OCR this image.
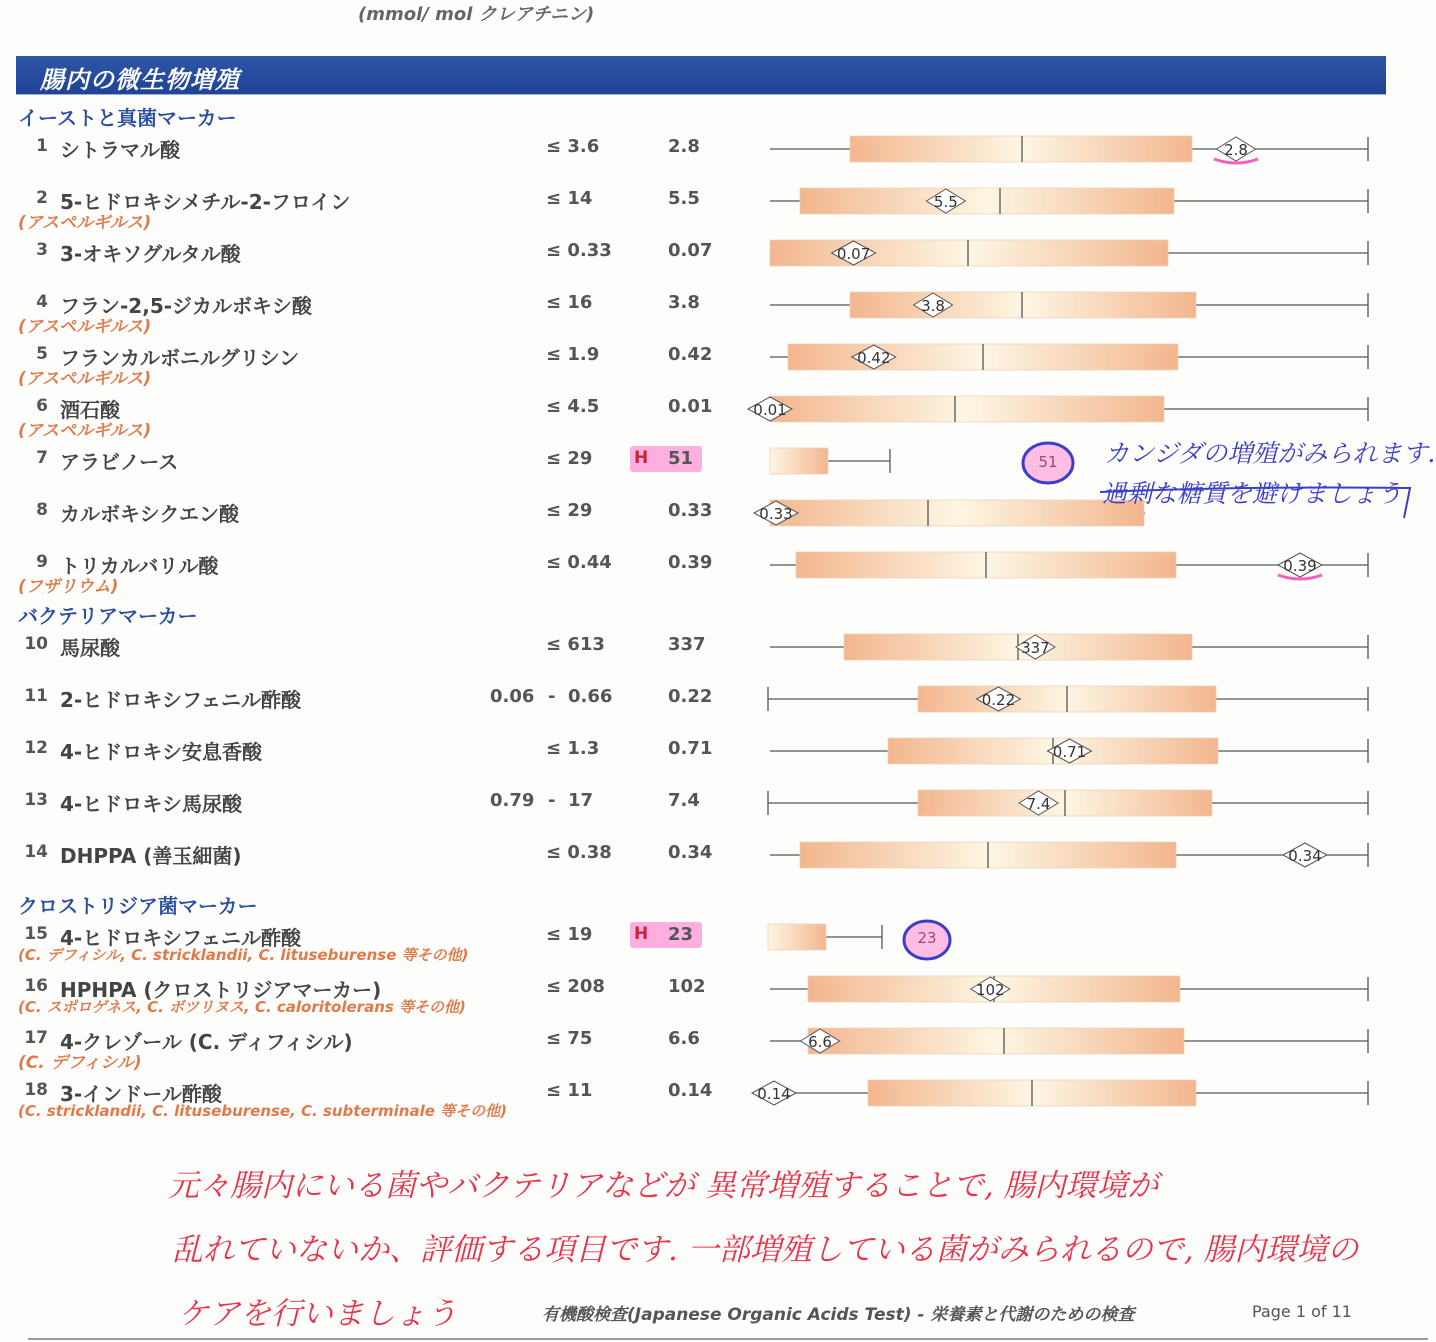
(mmol/ mol クレアチニン)
腸内の微生物増殖
イーストと真菌マーカー
バクテリアマーカー
クロストリジア菌マーカー
1 シトラマル酸	≤ 3.6	2.8	2.8
2 5-ヒドロキシメチル-2-フロイン
(アスペルギルス)
≤ 14	5.5	5.5
3 3-オキソグルタル酸	≤ 0.33	0.07	0.07
4 フラン-2,5-ジカルボキシ酸
(アスペルギルス)
≤ 16	3.8	3.8
5 フランカルボニルグリシン
(アスペルギルス)
≤ 1.9	0.42	0.42
6 酒石酸
(アスペルギルス)
≤ 4.5	0.01	0.01
7 アラビノース	≤ 29 H 51
8 カルボキシクエン酸	≤ 29	0.33	0.33
9 トリカルバリル酸
(フザリウム)
≤ 0.44	0.39	0.39
10 馬尿酸	≤ 613	337	337
11 2-ヒドロキシフェニル酢酸	0.06 - 0.66	0.22	0.22
12 4-ヒドロキシ安息香酸	≤ 1.3	0.71	0.71
13 4-ヒドロキシ馬尿酸	0.79 - 17	7.4	7.4
14 DHPPA (善玉細菌)	≤ 0.38	0.34	0.34
15 4-ヒドロキシフェニル酢酸
(C. デフィシル, C. stricklandii, C. lituseburense 等その他)
≤ 19 H 23
16 HPHPA (クロストリジアマーカー)
(C. スポロゲネス, C. ボツリヌス, C. caloritolerans 等その他)
≤ 208	102	102
17 4-クレゾール (C. ディフィシル)
(C. デフィシル)
≤ 75	6.6	6.6
18 3-インドール酢酸
(C. stricklandii, C. lituseburense, C. subterminale 等その他)
≤ 11	0.14	0.14
カンジダの増殖がみられます.
過剰な糖質を避けましょう
元々腸内にいる菌やバクテリアなどが 異常増殖することで, 腸内環境が
乱れていないか、評価する項目です. 一部増殖している菌がみられるので, 腸内環境の
ケアを行いましょう	有機酸検査(Japanese Organic Acids Test) - 栄養素と代謝のための検査	Page 1 of 11
